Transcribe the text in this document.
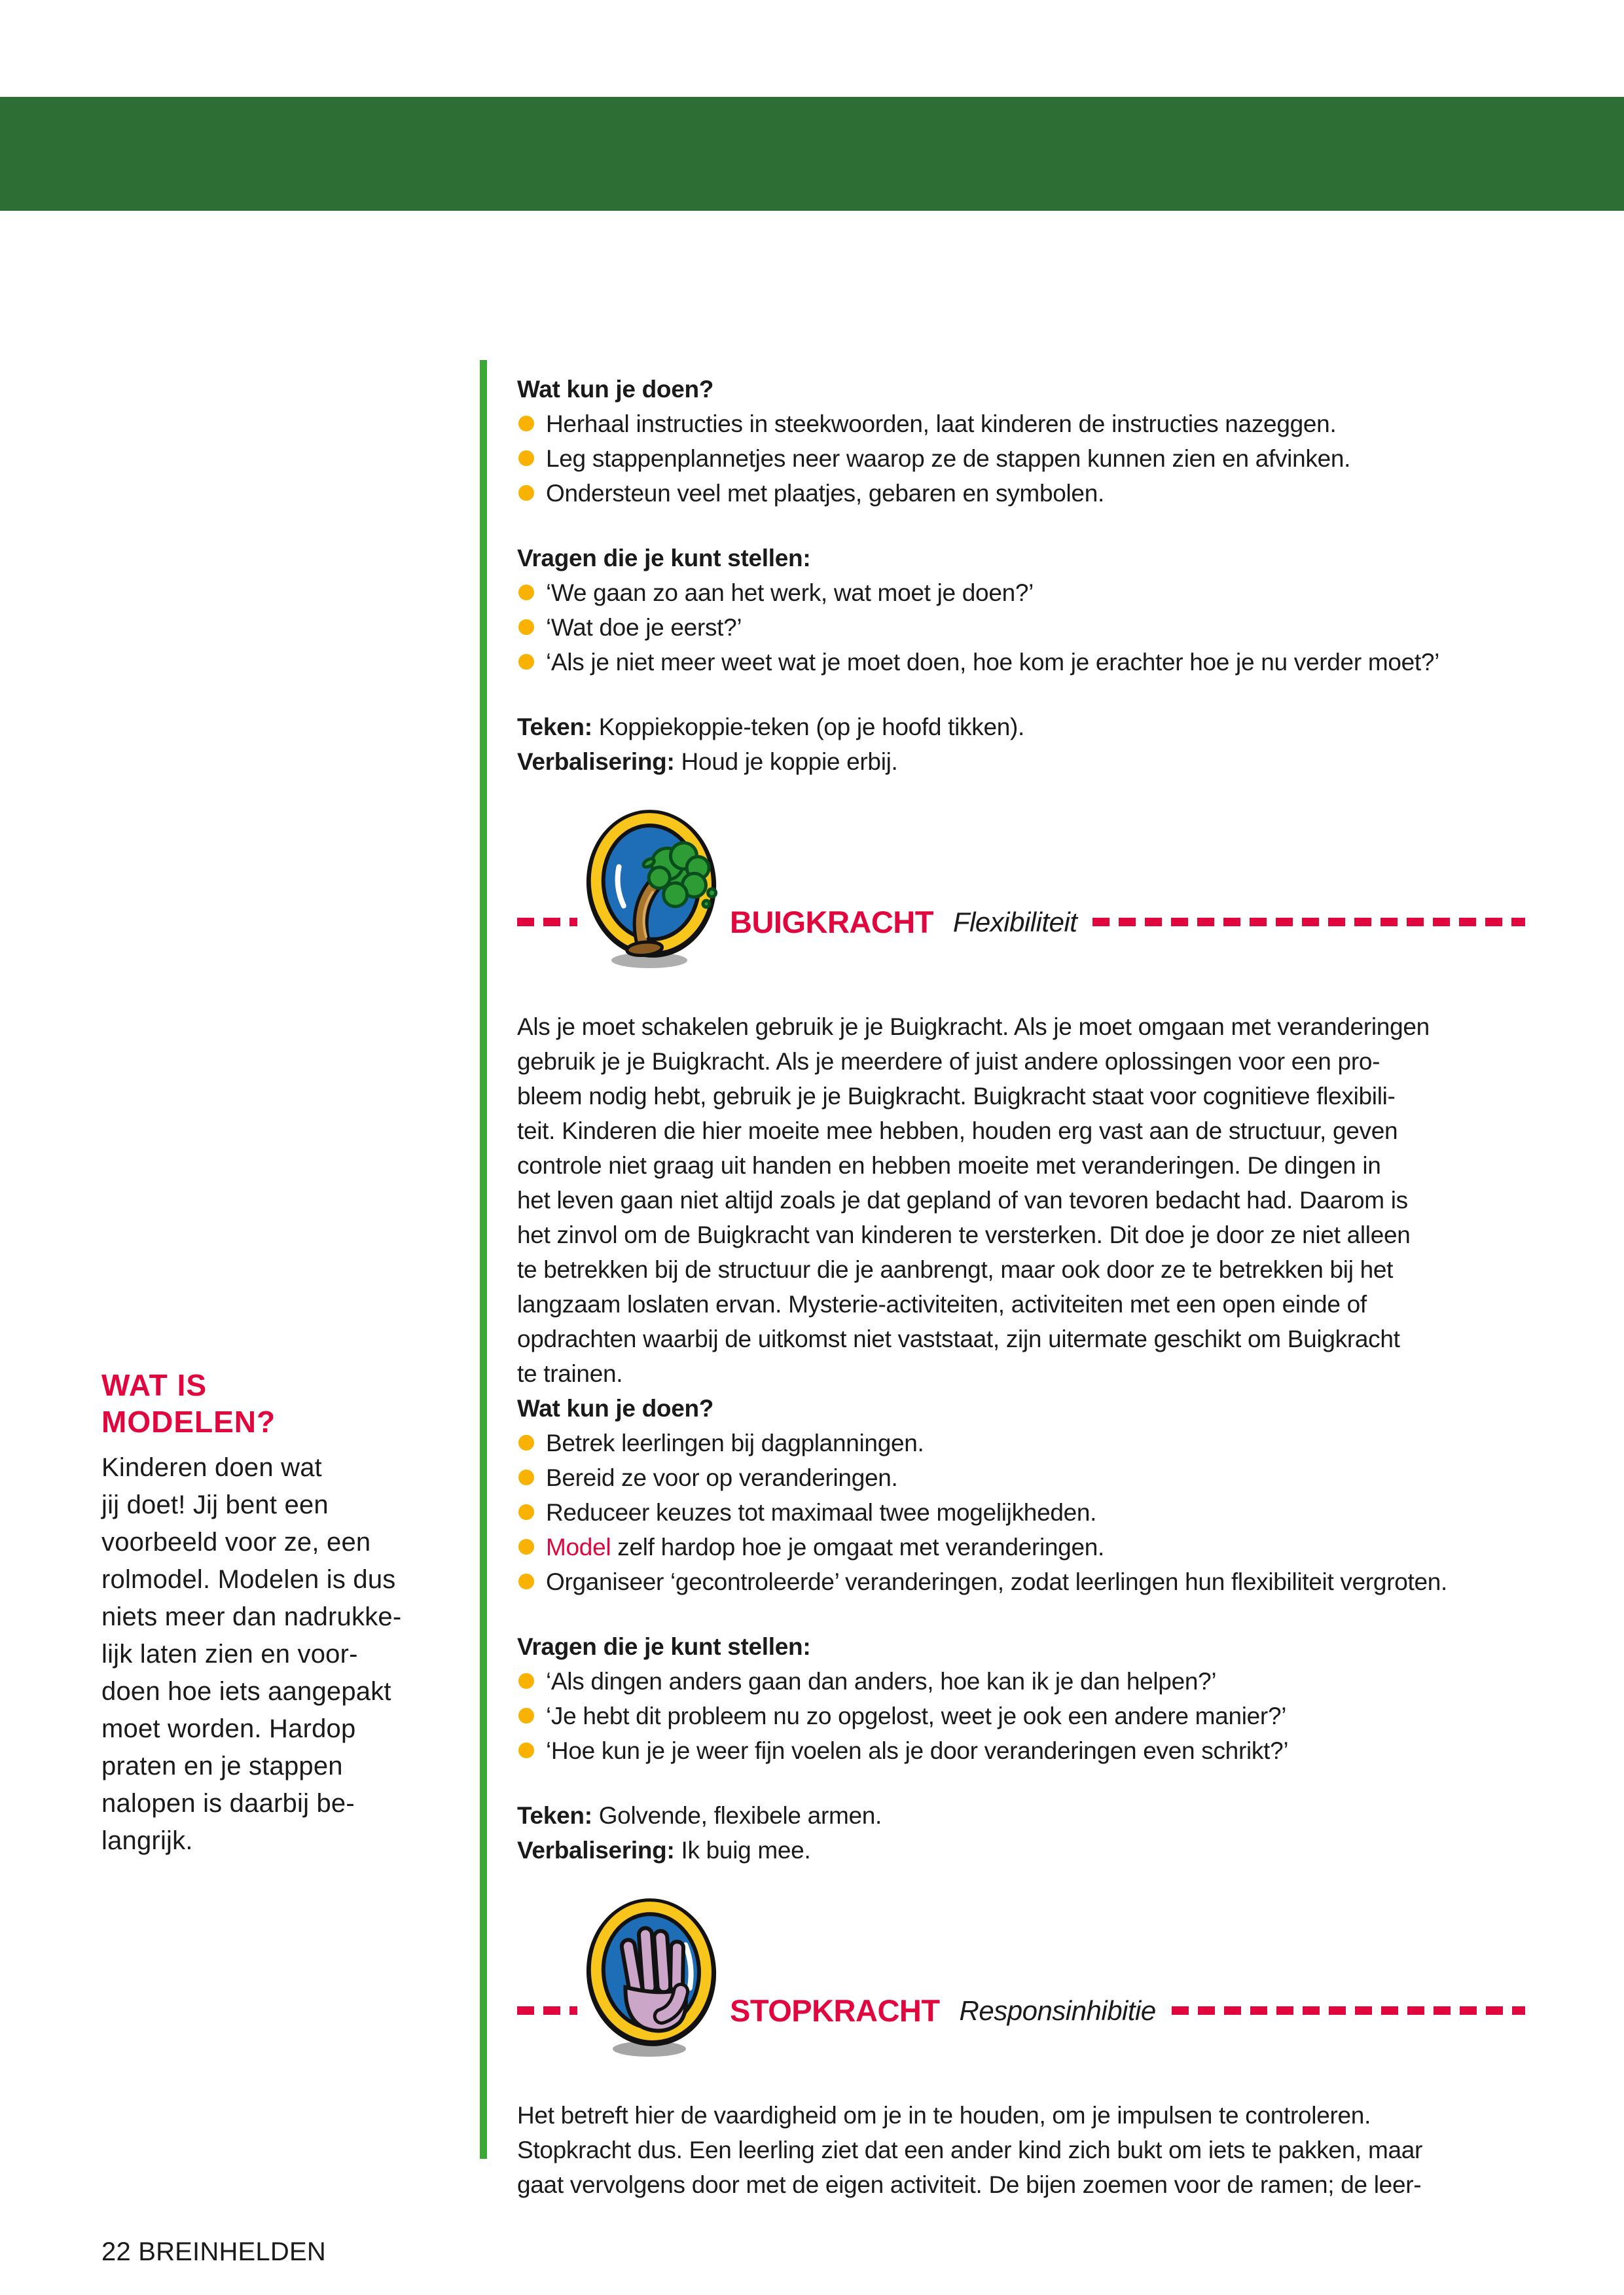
WAT IS
MODELEN?

Kinderen doen wat
jij doet! Jij bent een
voorbeeld voor ze, een
rolmodel. Modelen is dus
niets meer dan nadrukke-
lijk laten zien en voor-
doen hoe iets aangepakt
moet worden. Hardop
praten en je stappen
nalopen is daarbij be-
langrijk.

Wat kun je doen?

Herhaal instructies in steekwoorden, laat kinderen de instructies nazeggen.
Leg stappenplannetjes neer waarop ze de stappen kunnen zien en afvinken.
Ondersteun veel met plaatjes, gebaren en symbolen.

Vragen die je kunt stellen:

‘We gaan zo aan het werk, wat moet je doen?’
‘Wat doe je eerst?’
‘Als je niet meer weet wat je moet doen, hoe kom je erachter hoe je nu verder moet?’

Teken: Koppiekoppie-teken (op je hoofd tikken).

Verbalisering: Houd je koppie erbij.

BUIGKRACHT Flexibiliteit

Als je moet schakelen gebruik je je Buigkracht. Als je moet omgaan met veranderingen
gebruik je je Buigkracht. Als je meerdere of juist andere oplossingen voor een pro-
bleem nodig hebt, gebruik je je Buigkracht. Buigkracht staat voor cognitieve flexibili-
teit. Kinderen die hier moeite mee hebben, houden erg vast aan de structuur, geven
controle niet graag uit handen en hebben moeite met veranderingen. De dingen in
het leven gaan niet altijd zoals je dat gepland of van tevoren bedacht had. Daarom is
het zinvol om de Buigkracht van kinderen te versterken. Dit doe je door ze niet alleen
te betrekken bij de structuur die je aanbrengt, maar ook door ze te betrekken bij het
langzaam loslaten ervan. Mysterie-activiteiten, activiteiten met een open einde of
opdrachten waarbij de uitkomst niet vaststaat, zijn uitermate geschikt om Buigkracht
te trainen.

Wat kun je doen?

Betrek leerlingen bij dagplanningen.
Bereid ze voor op veranderingen.
Reduceer keuzes tot maximaal twee mogelijkheden.
Model zelf hardop hoe je omgaat met veranderingen.
Organiseer ‘gecontroleerde’ veranderingen, zodat leerlingen hun flexibiliteit vergroten.

Vragen die je kunt stellen:

‘Als dingen anders gaan dan anders, hoe kan ik je dan helpen?’
‘Je hebt dit probleem nu zo opgelost, weet je ook een andere manier?’
‘Hoe kun je je weer fijn voelen als je door veranderingen even schrikt?’

Teken: Golvende, flexibele armen.

Verbalisering: Ik buig mee.

STOPKRACHT Responsinhibitie

Het betreft hier de vaardigheid om je in te houden, om je impulsen te controleren.
Stopkracht dus. Een leerling ziet dat een ander kind zich bukt om iets te pakken, maar
gaat vervolgens door met de eigen activiteit. De bijen zoemen voor de ramen; de leer-

22 BREINHELDEN
